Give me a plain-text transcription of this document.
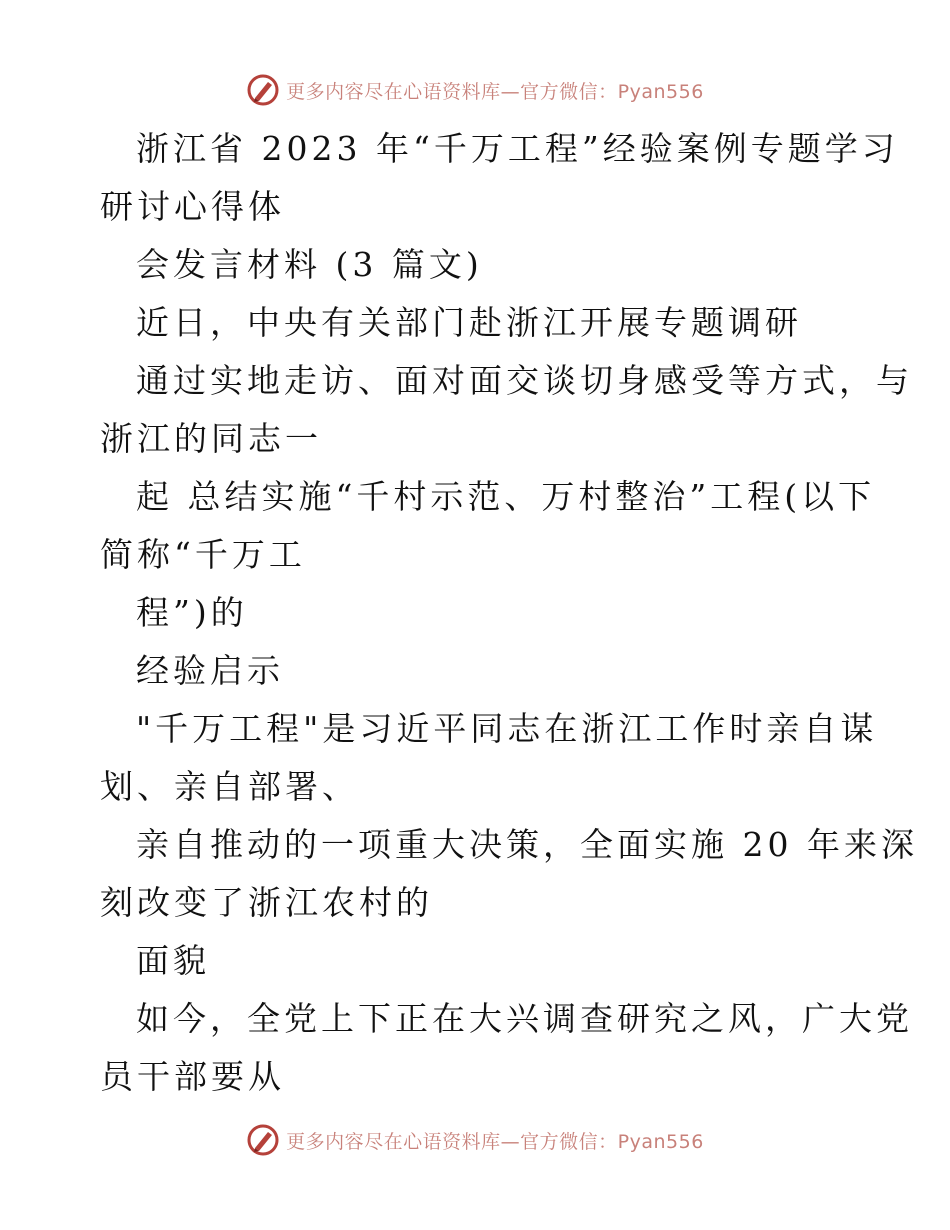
更多内容尽在心语资料库—官方微信：Pyan556

浙江省 2023 年“千万工程”经验案例专题学习

研讨心得体

会发言材料 (3 篇文)

近日，中央有关部门赴浙江开展专题调研

通过实地走访、面对面交谈切身感受等方式，与

浙江的同志一

起 总结实施“千村示范、万村整治”工程(以下

简称“千万工

程”)的

经验启示

"千万工程"是习近平同志在浙江工作时亲自谋

划、亲自部署、

亲自推动的一项重大决策，全面实施 20 年来深

刻改变了浙江农村的

面貌

如今，全党上下正在大兴调查研究之风，广大党

员干部要从

更多内容尽在心语资料库—官方微信：Pyan556
